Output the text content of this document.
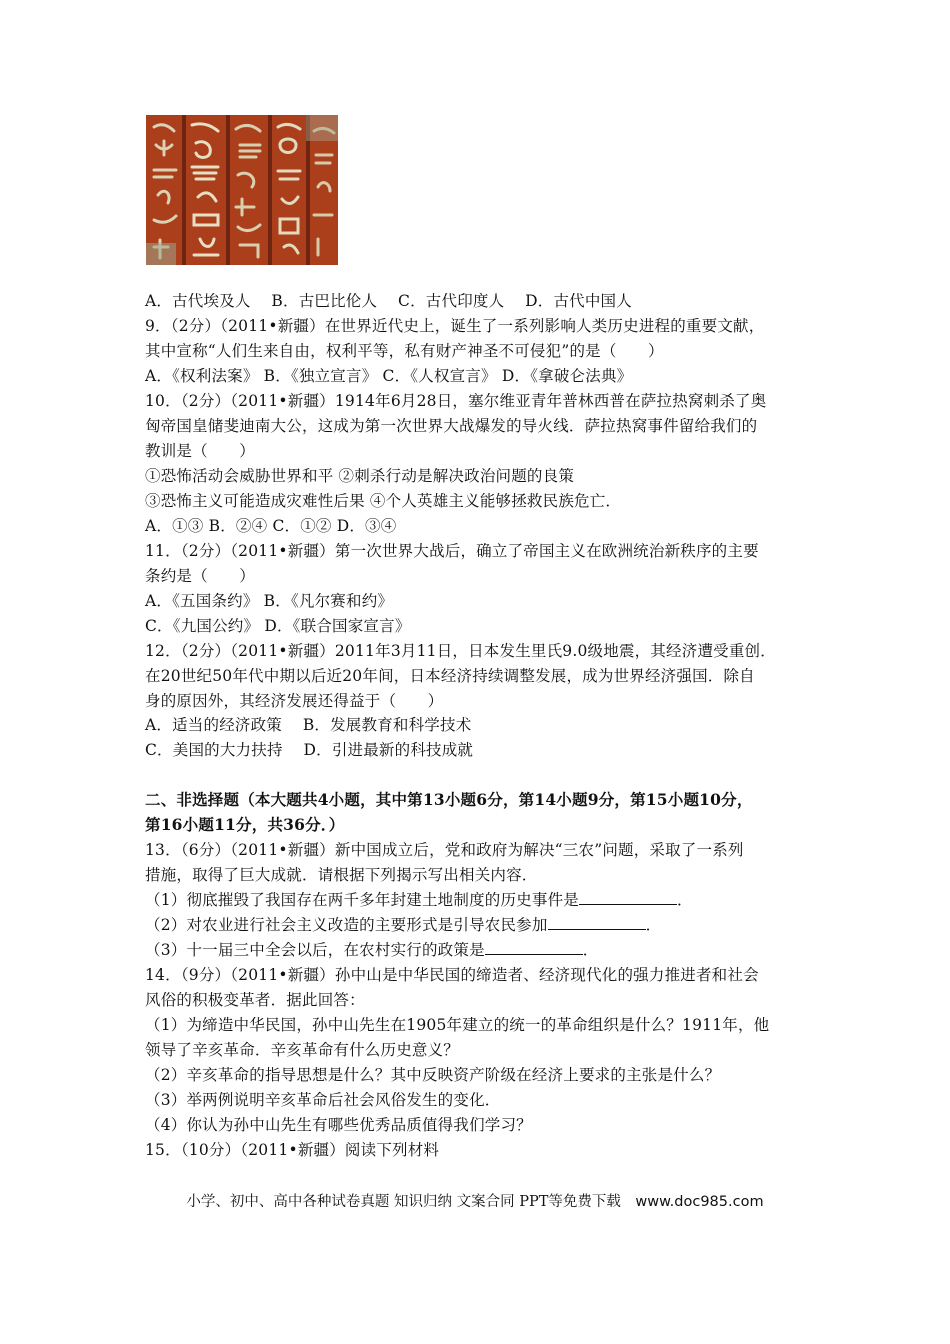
A．古代埃及人　 B．古巴比伦人　 C．古代印度人　 D．古代中国人
9．（2分）（2011•新疆）在世界近代史上，诞生了一系列影响人类历史进程的重要文献，
其中宣称“人们生来自由，权利平等，私有财产神圣不可侵犯”的是（　　）
A．《权利法案》 B．《独立宣言》 C．《人权宣言》 D．《拿破仑法典》
10．（2分）（2011•新疆）1914年6月28日，塞尔维亚青年普林西普在萨拉热窝刺杀了奥
匈帝国皇储斐迪南大公，这成为第一次世界大战爆发的导火线．萨拉热窝事件留给我们的
教训是（　　）
①恐怖活动会威胁世界和平 ②刺杀行动是解决政治问题的良策
③恐怖主义可能造成灾难性后果 ④个人英雄主义能够拯救民族危亡．
A．①③ B．②④ C．①② D．③④
11．（2分）（2011•新疆）第一次世界大战后，确立了帝国主义在欧洲统治新秩序的主要
条约是（　　）
A．《五国条约》 B．《凡尔赛和约》
C．《九国公约》 D．《联合国家宣言》
12．（2分）（2011•新疆）2011年3月11日，日本发生里氏9.0级地震，其经济遭受重创．
在20世纪50年代中期以后近20年间，日本经济持续调整发展，成为世界经济强国．除自
身的原因外，其经济发展还得益于（　　）
A．适当的经济政策　 B．发展教育和科学技术
C．美国的大力扶持　 D．引进最新的科技成就
二、非选择题（本大题共4小题，其中第13小题6分，第14小题9分，第15小题10分，
第16小题11分，共36分．）
13．（6分）（2011•新疆）新中国成立后，党和政府为解决“三农”问题，采取了一系列
措施，取得了巨大成就．请根据下列揭示写出相关内容．
（1）彻底摧毁了我国存在两千多年封建土地制度的历史事件是	．
（2）对农业进行社会主义改造的主要形式是引导农民参加	．
（3）十一届三中全会以后，在农村实行的政策是	．
14．（9分）（2011•新疆）孙中山是中华民国的缔造者、经济现代化的强力推进者和社会
风俗的积极变革者．据此回答：
（1）为缔造中华民国，孙中山先生在1905年建立的统一的革命组织是什么？1911年，他
领导了辛亥革命．辛亥革命有什么历史意义？
（2）辛亥革命的指导思想是什么？其中反映资产阶级在经济上要求的主张是什么？
（3）举两例说明辛亥革命后社会风俗发生的变化．
（4）你认为孙中山先生有哪些优秀品质值得我们学习？
15．（10分）（2011•新疆）阅读下列材料
小学、初中、高中各种试卷真题 知识归纳 文案合同 PPT等免费下载　www.doc985.com
